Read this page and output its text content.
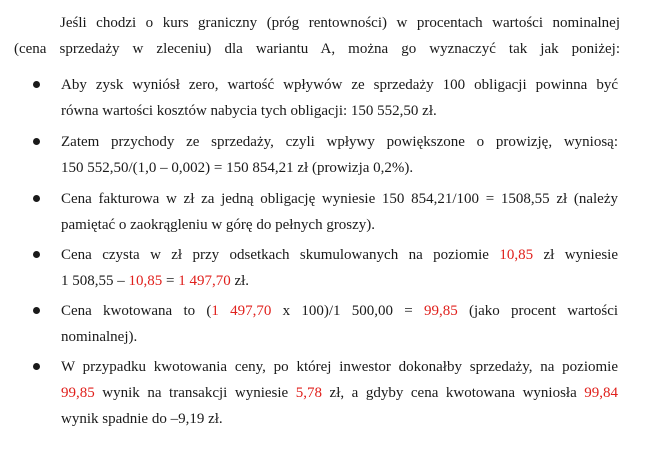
Jeśli chodzi o kurs graniczny (próg rentowności) w procentach wartości nominalnej
(cena sprzedaży w zleceniu) dla wariantu A, można go wyznaczyć tak jak poniżej:

Aby zysk wyniósł zero, wartość wpływów ze sprzedaży 100 obligacji powinna być
równa wartości kosztów nabycia tych obligacji: 150 552,50 zł.
Zatem przychody ze sprzedaży, czyli wpływy powiększone o prowizję, wyniosą:
150 552,50/(1,0 – 0,002) = 150 854,21 zł (prowizja 0,2%).
Cena fakturowa w zł za jedną obligację wyniesie 150 854,21/100 = 1508,55 zł (należy
pamiętać o zaokrągleniu w górę do pełnych groszy).
Cena czysta w zł przy odsetkach skumulowanych na poziomie 10,85 zł wyniesie
1 508,55 – 10,85 = 1 497,70 zł.
Cena kwotowana to (1 497,70 x 100)/1 500,00 = 99,85 (jako procent wartości
nominalnej).
W przypadku kwotowania ceny, po której inwestor dokonałby sprzedaży, na poziomie
99,85 wynik na transakcji wyniesie 5,78 zł, a gdyby cena kwotowana wyniosła 99,84
wynik spadnie do –9,19 zł.
